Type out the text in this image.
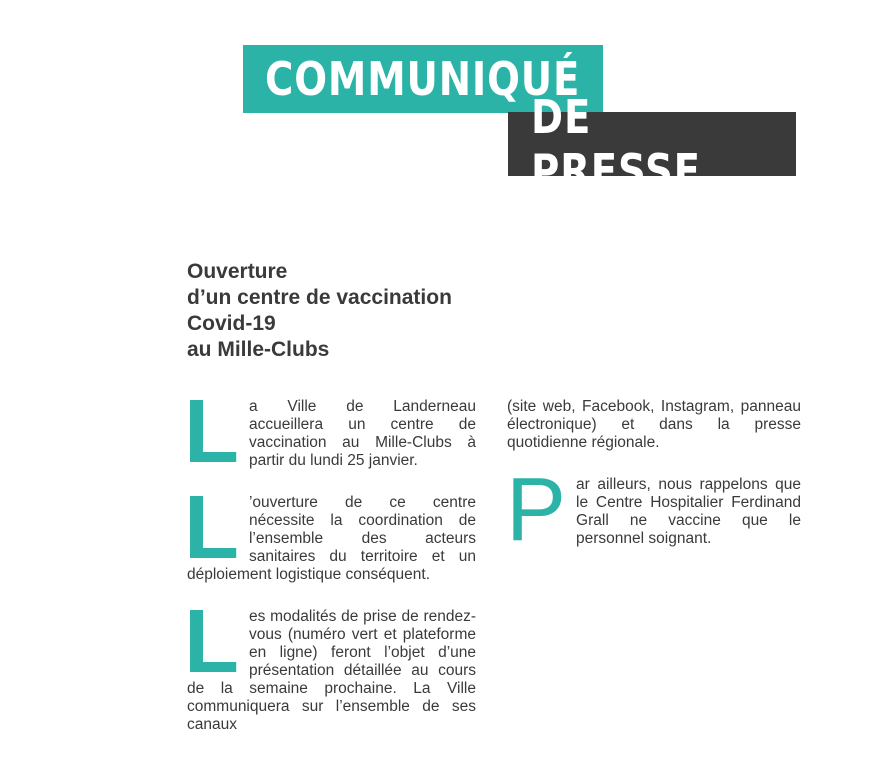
COMMUNIQUÉ
DE PRESSE
Ouverture
d’un centre de vaccination
Covid-19
au Mille-Clubs

L a Ville de Landerneau accueillera un centre de vaccination au Mille-Clubs à partir du lundi 25 janvier.

L ’ouverture de ce centre nécessite la coordination de l’ensemble des acteurs sanitaires du territoire et un déploiement logistique conséquent.

L es modalités de prise de rendez-vous (numéro vert et plateforme en ligne) feront l’objet d’une présentation détaillée au cours de la semaine prochaine. La Ville communiquera sur l’ensemble de ses canaux

(site web, Facebook, Instagram, panneau électronique) et dans la presse quotidienne régionale.

P ar ailleurs, nous rappelons que le Centre Hospitalier Ferdinand Grall ne vaccine que le personnel soignant.
